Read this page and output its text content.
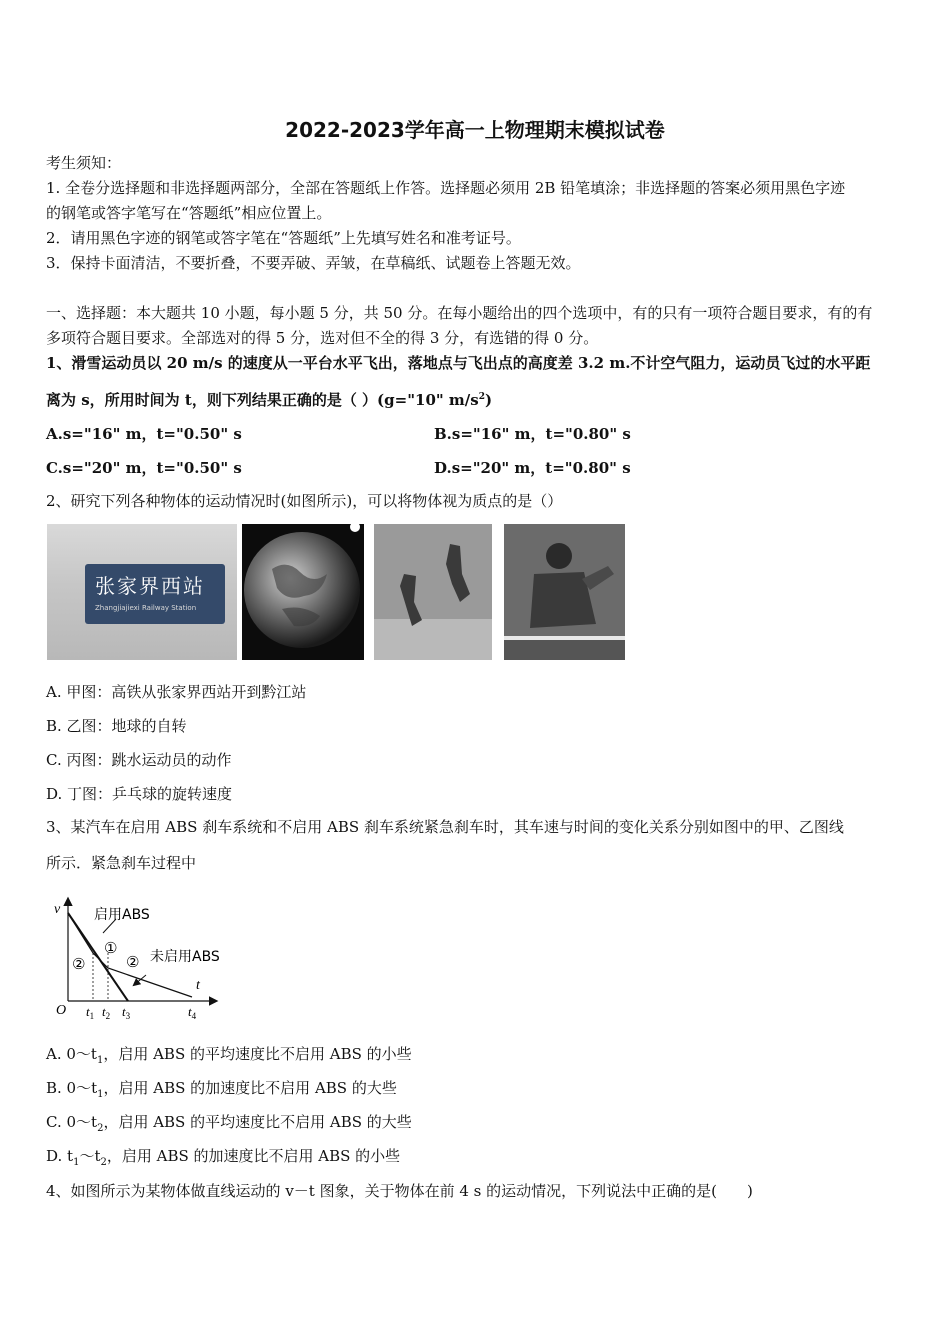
2022-2023学年高一上物理期末模拟试卷
考生须知：
1. 全卷分选择题和非选择题两部分，全部在答题纸上作答。选择题必须用 2B 铅笔填涂；非选择题的答案必须用黑色字迹
的钢笔或答字笔写在“答题纸”相应位置上。
2．请用黑色字迹的钢笔或答字笔在“答题纸”上先填写姓名和准考证号。
3．保持卡面清洁，不要折叠，不要弄破、弄皱，在草稿纸、试题卷上答题无效。
一、选择题：本大题共 10 小题，每小题 5 分，共 50 分。在每小题给出的四个选项中，有的只有一项符合题目要求，有的有
多项符合题目要求。全部选对的得 5 分，选对但不全的得 3 分，有选错的得 0 分。
1、滑雪运动员以 20 m/s 的速度从一平台水平飞出，落地点与飞出点的高度差 3.2 m.不计空气阻力，运动员飞过的水平距
离为 s，所用时间为 t，则下列结果正确的是（ ）(g="10" $m/s^2$)
A.s="16" m，t="0.50" s	B.s="16" m，t="0.80" s
C.s="20" m，t="0.50" s	D.s="20" m，t="0.80" s
2、研究下列各种物体的运动情况时(如图所示)，可以将物体视为质点的是（）
张家界西站
Zhangjiajiexi Railway Station
A. 甲图：高铁从张家界西站开到黔江站
B. 乙图：地球的自转
C. 丙图：跳水运动员的动作
D. 丁图：乒乓球的旋转速度
3、某汽车在启用 ABS 刹车系统和不启用 ABS 刹车系统紧急刹车时，其车速与时间的变化关系分别如图中的甲、乙图线
所示．紧急刹车过程中
v
t
O
启用ABS
未启用ABS
①
②	②
$t_1$ $t_2$ $t_3$	$t_4$
A. $0\sim t_1$，启用 ABS 的平均速度比不启用 ABS 的小些
B. $0\sim t_1$，启用 ABS 的加速度比不启用 ABS 的大些
C. $0\sim t_2$，启用 ABS 的平均速度比不启用 ABS 的大些
D. $t_1\sim t_2$，启用 ABS 的加速度比不启用 ABS 的小些
4、如图所示为某物体做直线运动的 v－t 图象，关于物体在前 4 s 的运动情况，下列说法中正确的是(　　)
